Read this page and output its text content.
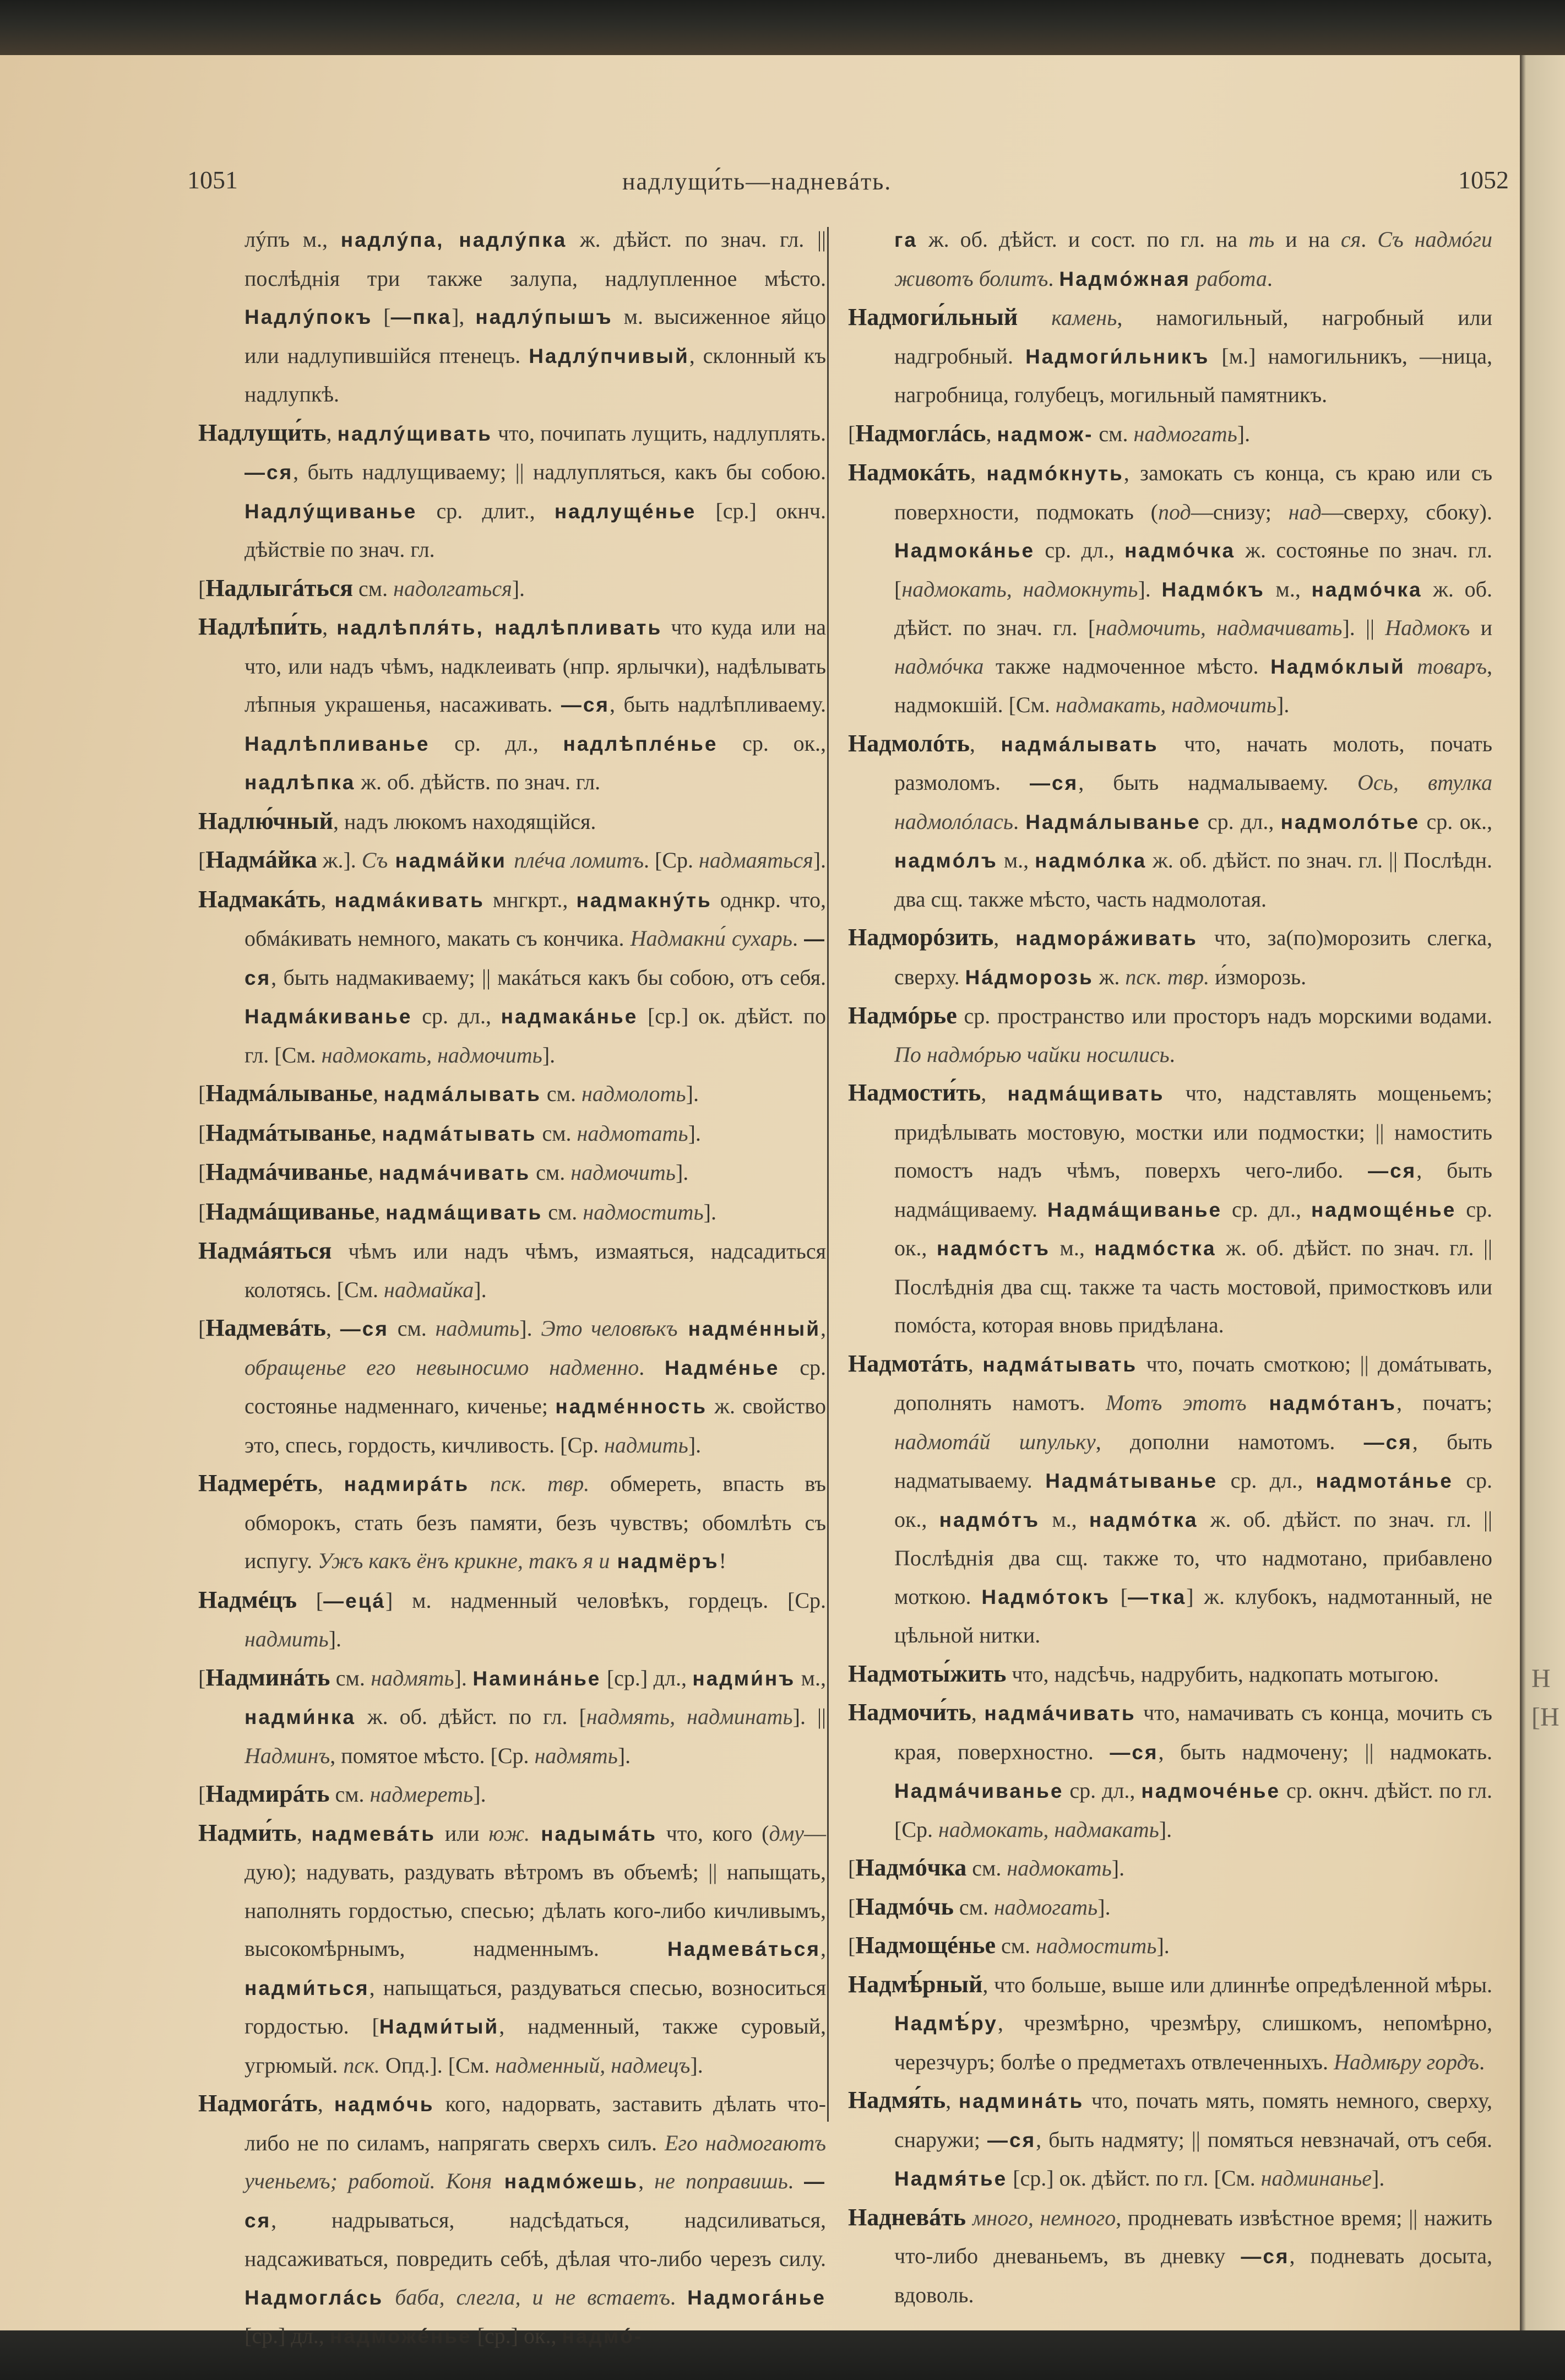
Н
[Н
1051	надлущи́ть—надневáть.	1052

лýпъ м., надлýпа, надлýпка ж. дѣйст. по знач. гл. || послѣднія три также залупа, надлупленное мѣсто. Надлýпокъ [—пка], надлýпышъ м. высиженное яйцо или надлупившійся птенецъ. Надлýпчивый, склонный къ надлупкѣ.

Надлущи́ть, надлýщивать что, почипать лущить, надлуплять. —ся, быть надлущиваему; || надлупляться, какъ бы собою. Надлýщиванье ср. длит., надлущéнье [ср.] окнч. дѣйствіе по знач. гл.

[Надлыгáться см. надолгаться].

Надлѣпи́ть, надлѣпля́ть, надлѣпливать что куда или на что, или надъ чѣмъ, надклеивать (нпр. ярлычки), надѣлывать лѣпныя украшенья, насаживать. —ся, быть надлѣпливаему. Надлѣпливанье ср. дл., надлѣплéнье ср. ок., надлѣпка ж. об. дѣйств. по знач. гл.

Надлю́чный, надъ люкомъ находящійся.

[Надмáйка ж.]. Съ надмáйки плéча ломитъ. [Ср. надмаяться].

Надмакáть, надмáкивать мнгкрт., надмакнýть однкр. что, обмáкивать немного, макать съ кончика. Надмакни́ сухарь. —ся, быть надмакиваему; || макáться какъ бы собою, отъ себя. Надмáкиванье ср. дл., надмакáнье [ср.] ок. дѣйст. по гл. [См. надмокать, надмочить].

[Надмáлыванье, надмáлывать см. надмолоть].

[Надмáтыванье, надмáтывать см. надмотать].

[Надмáчиванье, надмáчивать см. надмочить].

[Надмáщиванье, надмáщивать см. надмостить].

Надмáяться чѣмъ или надъ чѣмъ, измаяться, надсадиться колотясь. [См. надмайка].

[Надмевáть, —ся см. надмить]. Это человѣкъ надмéнный, обращенье его невыносимо надменно. Надмéнье ср. состоянье надменнаго, киченье; надмéнность ж. свойство это, спесь, гордость, кичливость. [Ср. надмить].

Надмерéть, надмирáть пск. твр. обмереть, впасть въ обморокъ, стать безъ памяти, безъ чувствъ; обомлѣть съ испугу. Ужъ какъ ёнъ крикне, такъ я и надмёръ!

Надмéцъ [—ецá] м. надменный человѣкъ, гордецъ. [Ср. надмить].

[Надминáть см. надмять]. Наминáнье [ср.] дл., надми́нъ м., надми́нка ж. об. дѣйст. по гл. [надмять, надминать]. || Надминъ, помятое мѣсто. [Ср. надмять].

[Надмирáть см. надмереть].

Надми́ть, надмевáть или юж. надымáть что, кого (дму—дую); надувать, раздувать вѣтромъ въ объемѣ; || напыщать, наполнять гордостью, спесью; дѣлать кого-либо кичливымъ, высокомѣрнымъ, надменнымъ. Надмевáться, надми́ться, напыщаться, раздуваться спесью, возноситься гордостью. [Надми́тый, надменный, также суровый, угрюмый. пск. Опд.]. [См. надменный, надмецъ].

Надмогáть, надмóчь кого, надорвать, заставить дѣлать что-либо не по силамъ, напрягать сверхъ силъ. Его надмогаютъ ученьемъ; работой. Коня надмóжешь, не поправишь. —ся, надрываться, надсѣдаться, надсиливаться, надсаживаться, повредить себѣ, дѣлая что-либо черезъ силу. Надмоглáсь баба, слегла, и не встаетъ. Надмогáнье [ср.] дл., надможéнье [ср.] ок., надмó-

га ж. об. дѣйст. и сост. по гл. на ть и на ся. Съ надмóги животъ болитъ. Надмóжная работа.

Надмоги́льный камень, намогильный, нагробный или надгробный. Надмоги́льникъ [м.] намогильникъ, —ница, нагробница, голубецъ, могильный памятникъ.

[Надмоглáсь, надмож- см. надмогать].

Надмокáть, надмóкнуть, замокать съ конца, съ краю или съ поверхности, подмокать (под—снизу; над—сверху, сбоку). Надмокáнье ср. дл., надмóчка ж. состоянье по знач. гл. [надмокать, надмокнуть]. Надмóкъ м., надмóчка ж. об. дѣйст. по знач. гл. [надмочить, надмачивать]. || Надмокъ и надмóчка также надмоченное мѣсто. Надмóклый товаръ, надмокшій. [См. надмакать, надмочить].

Надмолóть, надмáлывать что, начать молоть, почать размоломъ. —ся, быть надмалываему. Ось, втулка надмолóлась. Надмáлыванье ср. дл., надмолóтье ср. ок., надмóлъ м., надмóлка ж. об. дѣйст. по знач. гл. || Послѣдн. два сщ. также мѣсто, часть надмолотая.

Надморóзить, надморáживать что, за(по)морозить слегка, сверху. Нáдморозь ж. пск. твр. и́зморозь.

Надмóрье ср. пространство или просторъ надъ морскими водами. По надмóрью чайки носились.

Надмости́ть, надмáщивать что, надставлять мощеньемъ; придѣлывать мостовую, мостки или подмостки; || намостить помостъ надъ чѣмъ, поверхъ чего-либо. —ся, быть надмáщиваему. Надмáщиванье ср. дл., надмощéнье ср. ок., надмóстъ м., надмóстка ж. об. дѣйст. по знач. гл. || Послѣднія два сщ. также та часть мостовой, примостковъ или помóста, которая вновь придѣлана.

Надмотáть, надмáтывать что, почать смоткою; || домáтывать, дополнять намотъ. Мотъ этотъ надмóтанъ, початъ; надмотáй шпульку, дополни намотомъ. —ся, быть надматываему. Надмáтыванье ср. дл., надмотáнье ср. ок., надмóтъ м., надмóтка ж. об. дѣйст. по знач. гл. || Послѣднія два сщ. также то, что надмотано, прибавлено моткою. Надмóтокъ [—тка] ж. клубокъ, надмотанный, не цѣльной нитки.

Надмоты́жить что, надсѣчь, надрубить, надкопать мотыгою.

Надмочи́ть, надмáчивать что, намачивать съ конца, мочить съ края, поверхностно. —ся, быть надмочену; || надмокать. Надмáчиванье ср. дл., надмочéнье ср. окнч. дѣйст. по гл. [Ср. надмокать, надмакать].

[Надмóчка см. надмокать].

[Надмóчь см. надмогать].

[Надмощéнье см. надмостить].

Надмѣ́рный, что больше, выше или длиннѣе опредѣленной мѣры. Надмѣ́ру, чрезмѣрно, чрезмѣру, слишкомъ, непомѣрно, черезчуръ; болѣе о предметахъ отвлеченныхъ. Надмѣру гордъ.

Надмя́ть, надминáть что, почать мять, помять немного, сверху, снаружи; —ся, быть надмяту; || помяться невзначай, отъ себя. Надмя́тье [ср.] ок. дѣйст. по гл. [См. надминанье].

Надневáть много, немного, продневать извѣстное время; || нажить что-либо дневаньемъ, въ дневку —ся, подневать досыта, вдоволь.
